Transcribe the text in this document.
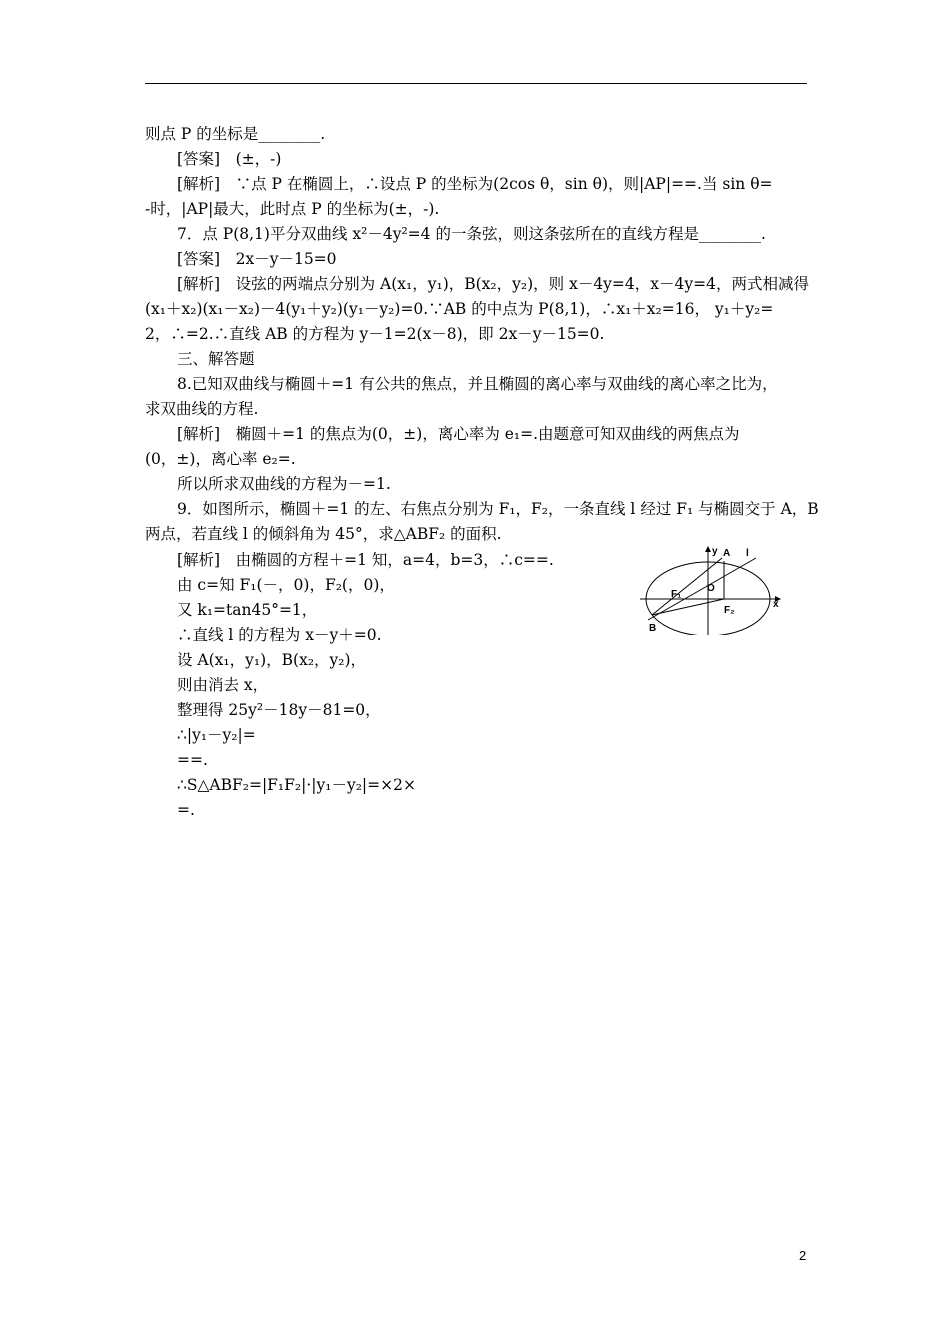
则点 P 的坐标是________.
[答案]　(±，-)
[解析]　∵点 P 在椭圆上，∴设点 P 的坐标为(2cos θ，sin θ)，则|AP|==.当 sin θ=
-时，|AP|最大，此时点 P 的坐标为(±，-).
7．点 P(8,1)平分双曲线 x²－4y²=4 的一条弦，则这条弦所在的直线方程是________.
[答案]　2x－y－15=0
[解析]　设弦的两端点分别为 A(x₁，y₁)，B(x₂，y₂)，则 x－4y=4，x－4y=4，两式相减得
(x₁＋x₂)(x₁－x₂)－4(y₁＋y₂)(y₁－y₂)=0.∵AB 的中点为 P(8,1)，∴x₁＋x₂=16， y₁＋y₂=
2，∴=2.∴直线 AB 的方程为 y－1=2(x－8)，即 2x－y－15=0.
三、解答题
8.已知双曲线与椭圆＋=1 有公共的焦点，并且椭圆的离心率与双曲线的离心率之比为，
求双曲线的方程.
[解析]　椭圆＋=1 的焦点为(0，±)，离心率为 e₁=.由题意可知双曲线的两焦点为
(0，±)，离心率 e₂=.
所以所求双曲线的方程为－=1.
9．如图所示，椭圆＋=1 的左、右焦点分别为 F₁，F₂，一条直线 l 经过 F₁ 与椭圆交于 A，B
两点，若直线 l 的倾斜角为 45°，求△ABF₂ 的面积.
[解析]　由椭圆的方程＋=1 知，a=4，b=3，∴c==.
由 c=知 F₁(－，0)，F₂(，0)，
又 k₁=tan45°=1，
∴直线 l 的方程为 x－y＋=0.
设 A(x₁，y₁)，B(x₂，y₂)，
则由消去 x，
整理得 25y²－18y－81=0，
∴|y₁－y₂|=
==.
∴S△ABF₂=|F₁F₂|·|y₁－y₂|=×2×
=.
y A l
F₁
O
F₂
x
B
2
